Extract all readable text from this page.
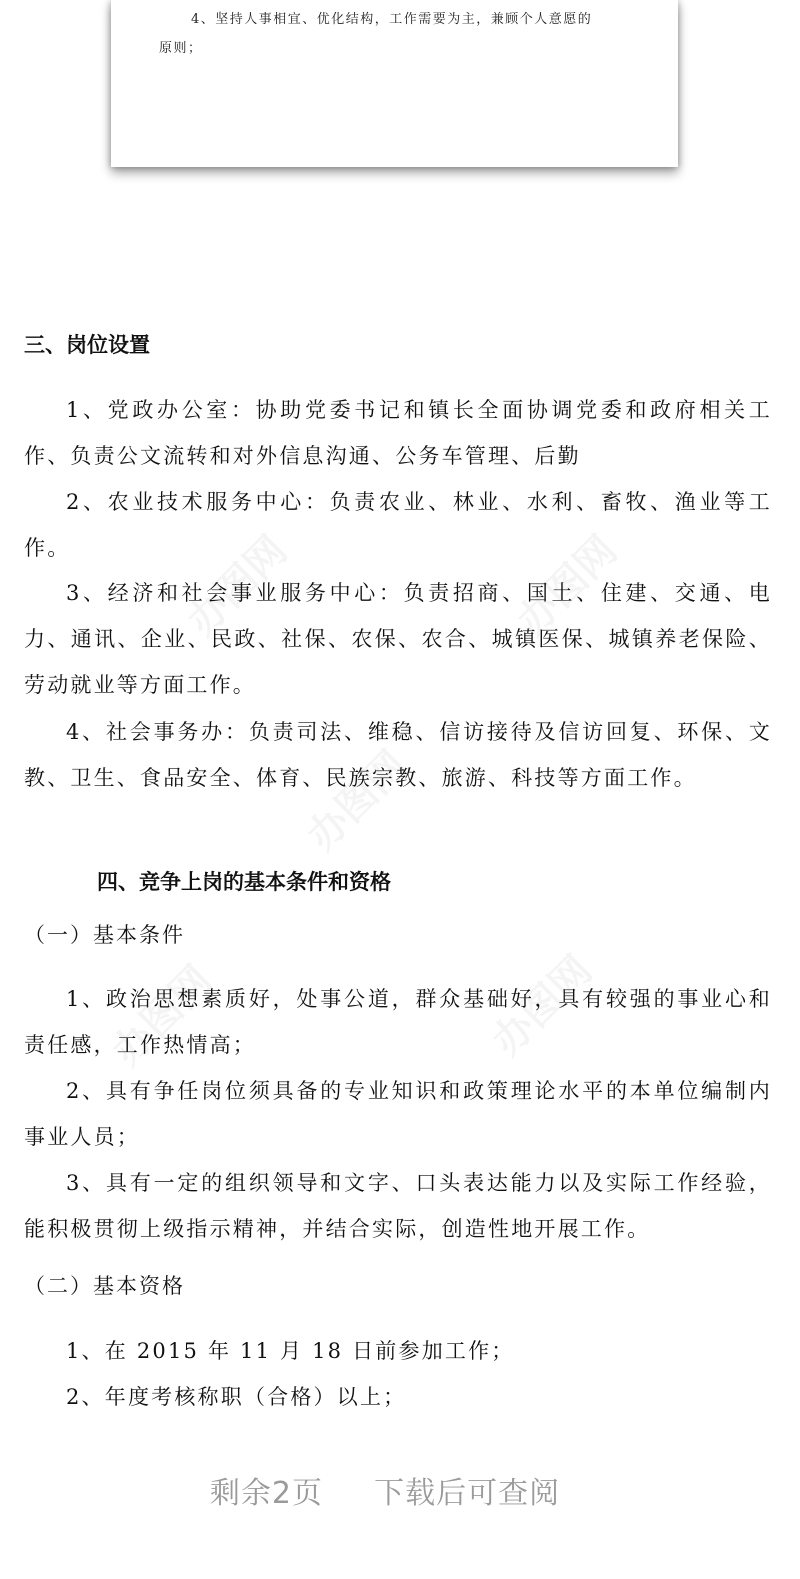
4、坚持人事相宜、优化结构，工作需要为主，兼顾个人意愿的
原则；
三、岗位设置
1、党政办公室：协助党委书记和镇长全面协调党委和政府相关工作、负责公文流转和对外信息沟通、公务车管理、后勤
2、农业技术服务中心：负责农业、林业、水利、畜牧、渔业等工作。
3、经济和社会事业服务中心：负责招商、国土、住建、交通、电力、通讯、企业、民政、社保、农保、农合、城镇医保、城镇养老保险、劳动就业等方面工作。
4、社会事务办：负责司法、维稳、信访接待及信访回复、环保、文教、卫生、食品安全、体育、民族宗教、旅游、科技等方面工作。
四、竞争上岗的基本条件和资格
（一）基本条件
1、政治思想素质好，处事公道，群众基础好，具有较强的事业心和责任感，工作热情高；
2、具有争任岗位须具备的专业知识和政策理论水平的本单位编制内事业人员；
3、具有一定的组织领导和文字、口头表达能力以及实际工作经验，能积极贯彻上级指示精神，并结合实际，创造性地开展工作。
（二）基本资格
1、在 2015 年 11 月 18 日前参加工作；
2、年度考核称职（合格）以上；
剩余2页 下载后可查阅
